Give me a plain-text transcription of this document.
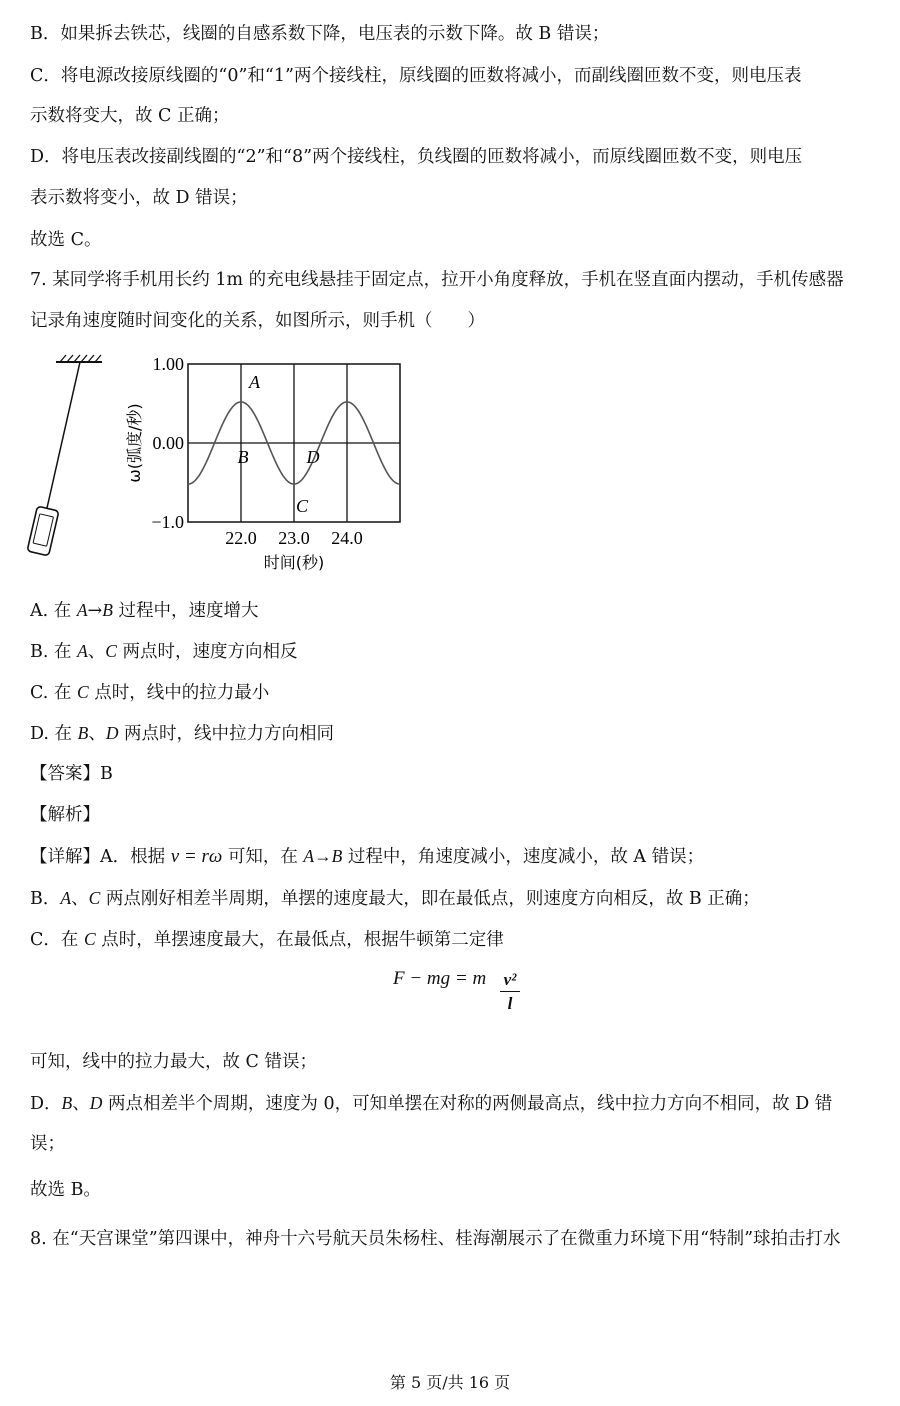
B．如果拆去铁芯，线圈的自感系数下降，电压表的示数下降。故 B 错误；
C．将电源改接原线圈的“0”和“1”两个接线柱，原线圈的匝数将减小，而副线圈匝数不变，则电压表
示数将变大，故 C 正确；
D．将电压表改接副线圈的“2”和“8”两个接线柱，负线圈的匝数将减小，而原线圈匝数不变，则电压
表示数将变小，故 D 错误；
故选 C。
7. 某同学将手机用长约 1m 的充电线悬挂于固定点，拉开小角度释放，手机在竖直面内摆动，手机传感器
记录角速度随时间变化的关系，如图所示，则手机（　　）
1.00
0.00
−1.0
22.0 23.0 24.0
时间(秒)
ω(弧度/秒)
A
B
C
D
A. 在 A→B 过程中，速度增大
B. 在 A、C 两点时，速度方向相反
C. 在 C 点时，线中的拉力最小
D. 在 B、D 两点时，线中拉力方向相同
【答案】B
【解析】
【详解】A．根据 v = rω 可知，在 A→B 过程中，角速度减小，速度减小，故 A 错误；
B．A、C 两点刚好相差半周期，单摆的速度最大，即在最低点，则速度方向相反，故 B 正确；
C．在 C 点时，单摆速度最大，在最低点，根据牛顿第二定律
F − mg = m v²
l
可知，线中的拉力最大，故 C 错误；
D．B、D 两点相差半个周期，速度为 0，可知单摆在对称的两侧最高点，线中拉力方向不相同，故 D 错
误；
故选 B。
8. 在“天宫课堂”第四课中，神舟十六号航天员朱杨柱、桂海潮展示了在微重力环境下用“特制”球拍击打水
第 5 页/共 16 页
